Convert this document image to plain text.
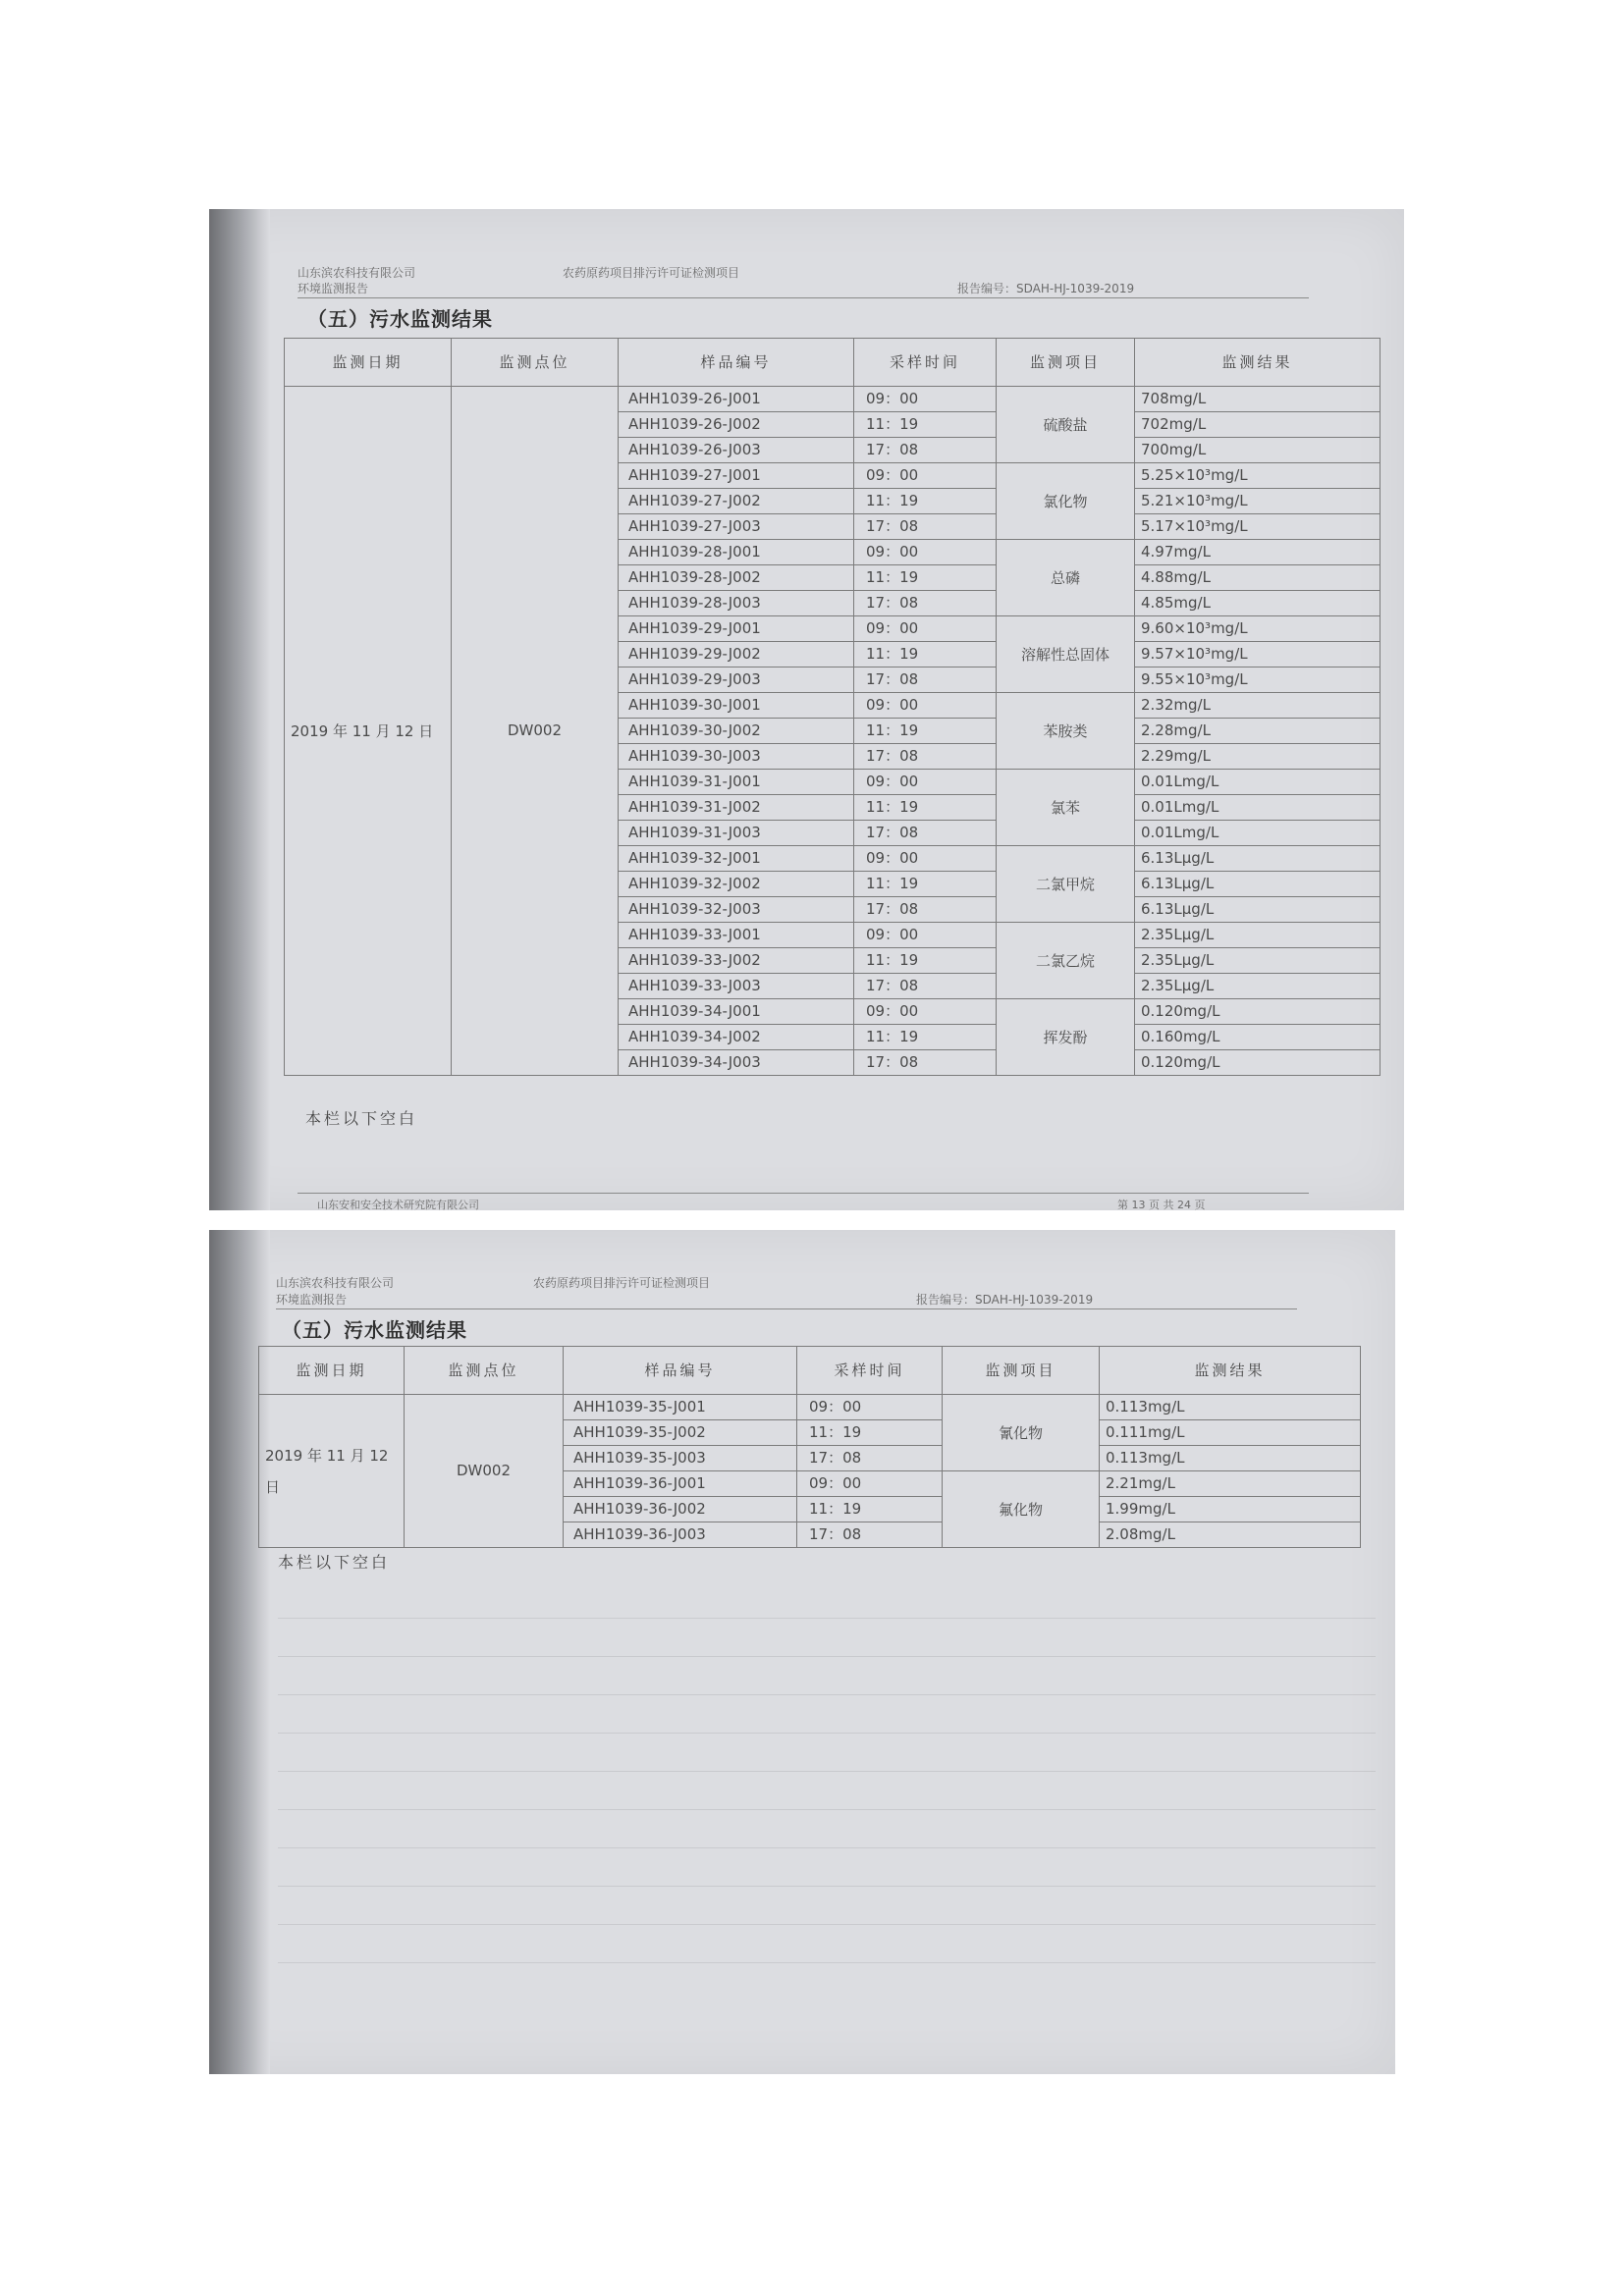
山东滨农科技有限公司	农药原药项目排污许可证检测项目
环境监测报告	报告编号：SDAH-HJ-1039-2019
（五）污水监测结果
监测日期	监测点位	样品编号	采样时间	监测项目	监测结果
2019 年 11 月 12 日	DW002	AHH1039-26-J001	09：00	硫酸盐	708mg/L
		AHH1039-26-J002	11：19		702mg/L
		AHH1039-26-J003	17：08		700mg/L
		AHH1039-27-J001	09：00	氯化物	5.25×10³mg/L
		AHH1039-27-J002	11：19		5.21×10³mg/L
		AHH1039-27-J003	17：08		5.17×10³mg/L
		AHH1039-28-J001	09：00	总磷	4.97mg/L
		AHH1039-28-J002	11：19		4.88mg/L
		AHH1039-28-J003	17：08		4.85mg/L
		AHH1039-29-J001	09：00	溶解性总固体	9.60×10³mg/L
		AHH1039-29-J002	11：19		9.57×10³mg/L
		AHH1039-29-J003	17：08		9.55×10³mg/L
		AHH1039-30-J001	09：00	苯胺类	2.32mg/L
		AHH1039-30-J002	11：19		2.28mg/L
		AHH1039-30-J003	17：08		2.29mg/L
		AHH1039-31-J001	09：00	氯苯	0.01Lmg/L
		AHH1039-31-J002	11：19		0.01Lmg/L
		AHH1039-31-J003	17：08		0.01Lmg/L
		AHH1039-32-J001	09：00	二氯甲烷	6.13Lμg/L
		AHH1039-32-J002	11：19		6.13Lμg/L
		AHH1039-32-J003	17：08		6.13Lμg/L
		AHH1039-33-J001	09：00	二氯乙烷	2.35Lμg/L
		AHH1039-33-J002	11：19		2.35Lμg/L
		AHH1039-33-J003	17：08		2.35Lμg/L
		AHH1039-34-J001	09：00	挥发酚	0.120mg/L
		AHH1039-34-J002	11：19		0.160mg/L
		AHH1039-34-J003	17：08		0.120mg/L
本栏以下空白
山东安和安全技术研究院有限公司	第 13 页 共 24 页
山东滨农科技有限公司	农药原药项目排污许可证检测项目
环境监测报告	报告编号：SDAH-HJ-1039-2019
（五）污水监测结果
监测日期	监测点位	样品编号	采样时间	监测项目	监测结果
2019 年 11 月 12 日	DW002	AHH1039-35-J001	09：00	氰化物	0.113mg/L
		AHH1039-35-J002	11：19		0.111mg/L
		AHH1039-35-J003	17：08		0.113mg/L
		AHH1039-36-J001	09：00	氟化物	2.21mg/L
		AHH1039-36-J002	11：19		1.99mg/L
		AHH1039-36-J003	17：08		2.08mg/L
本栏以下空白
